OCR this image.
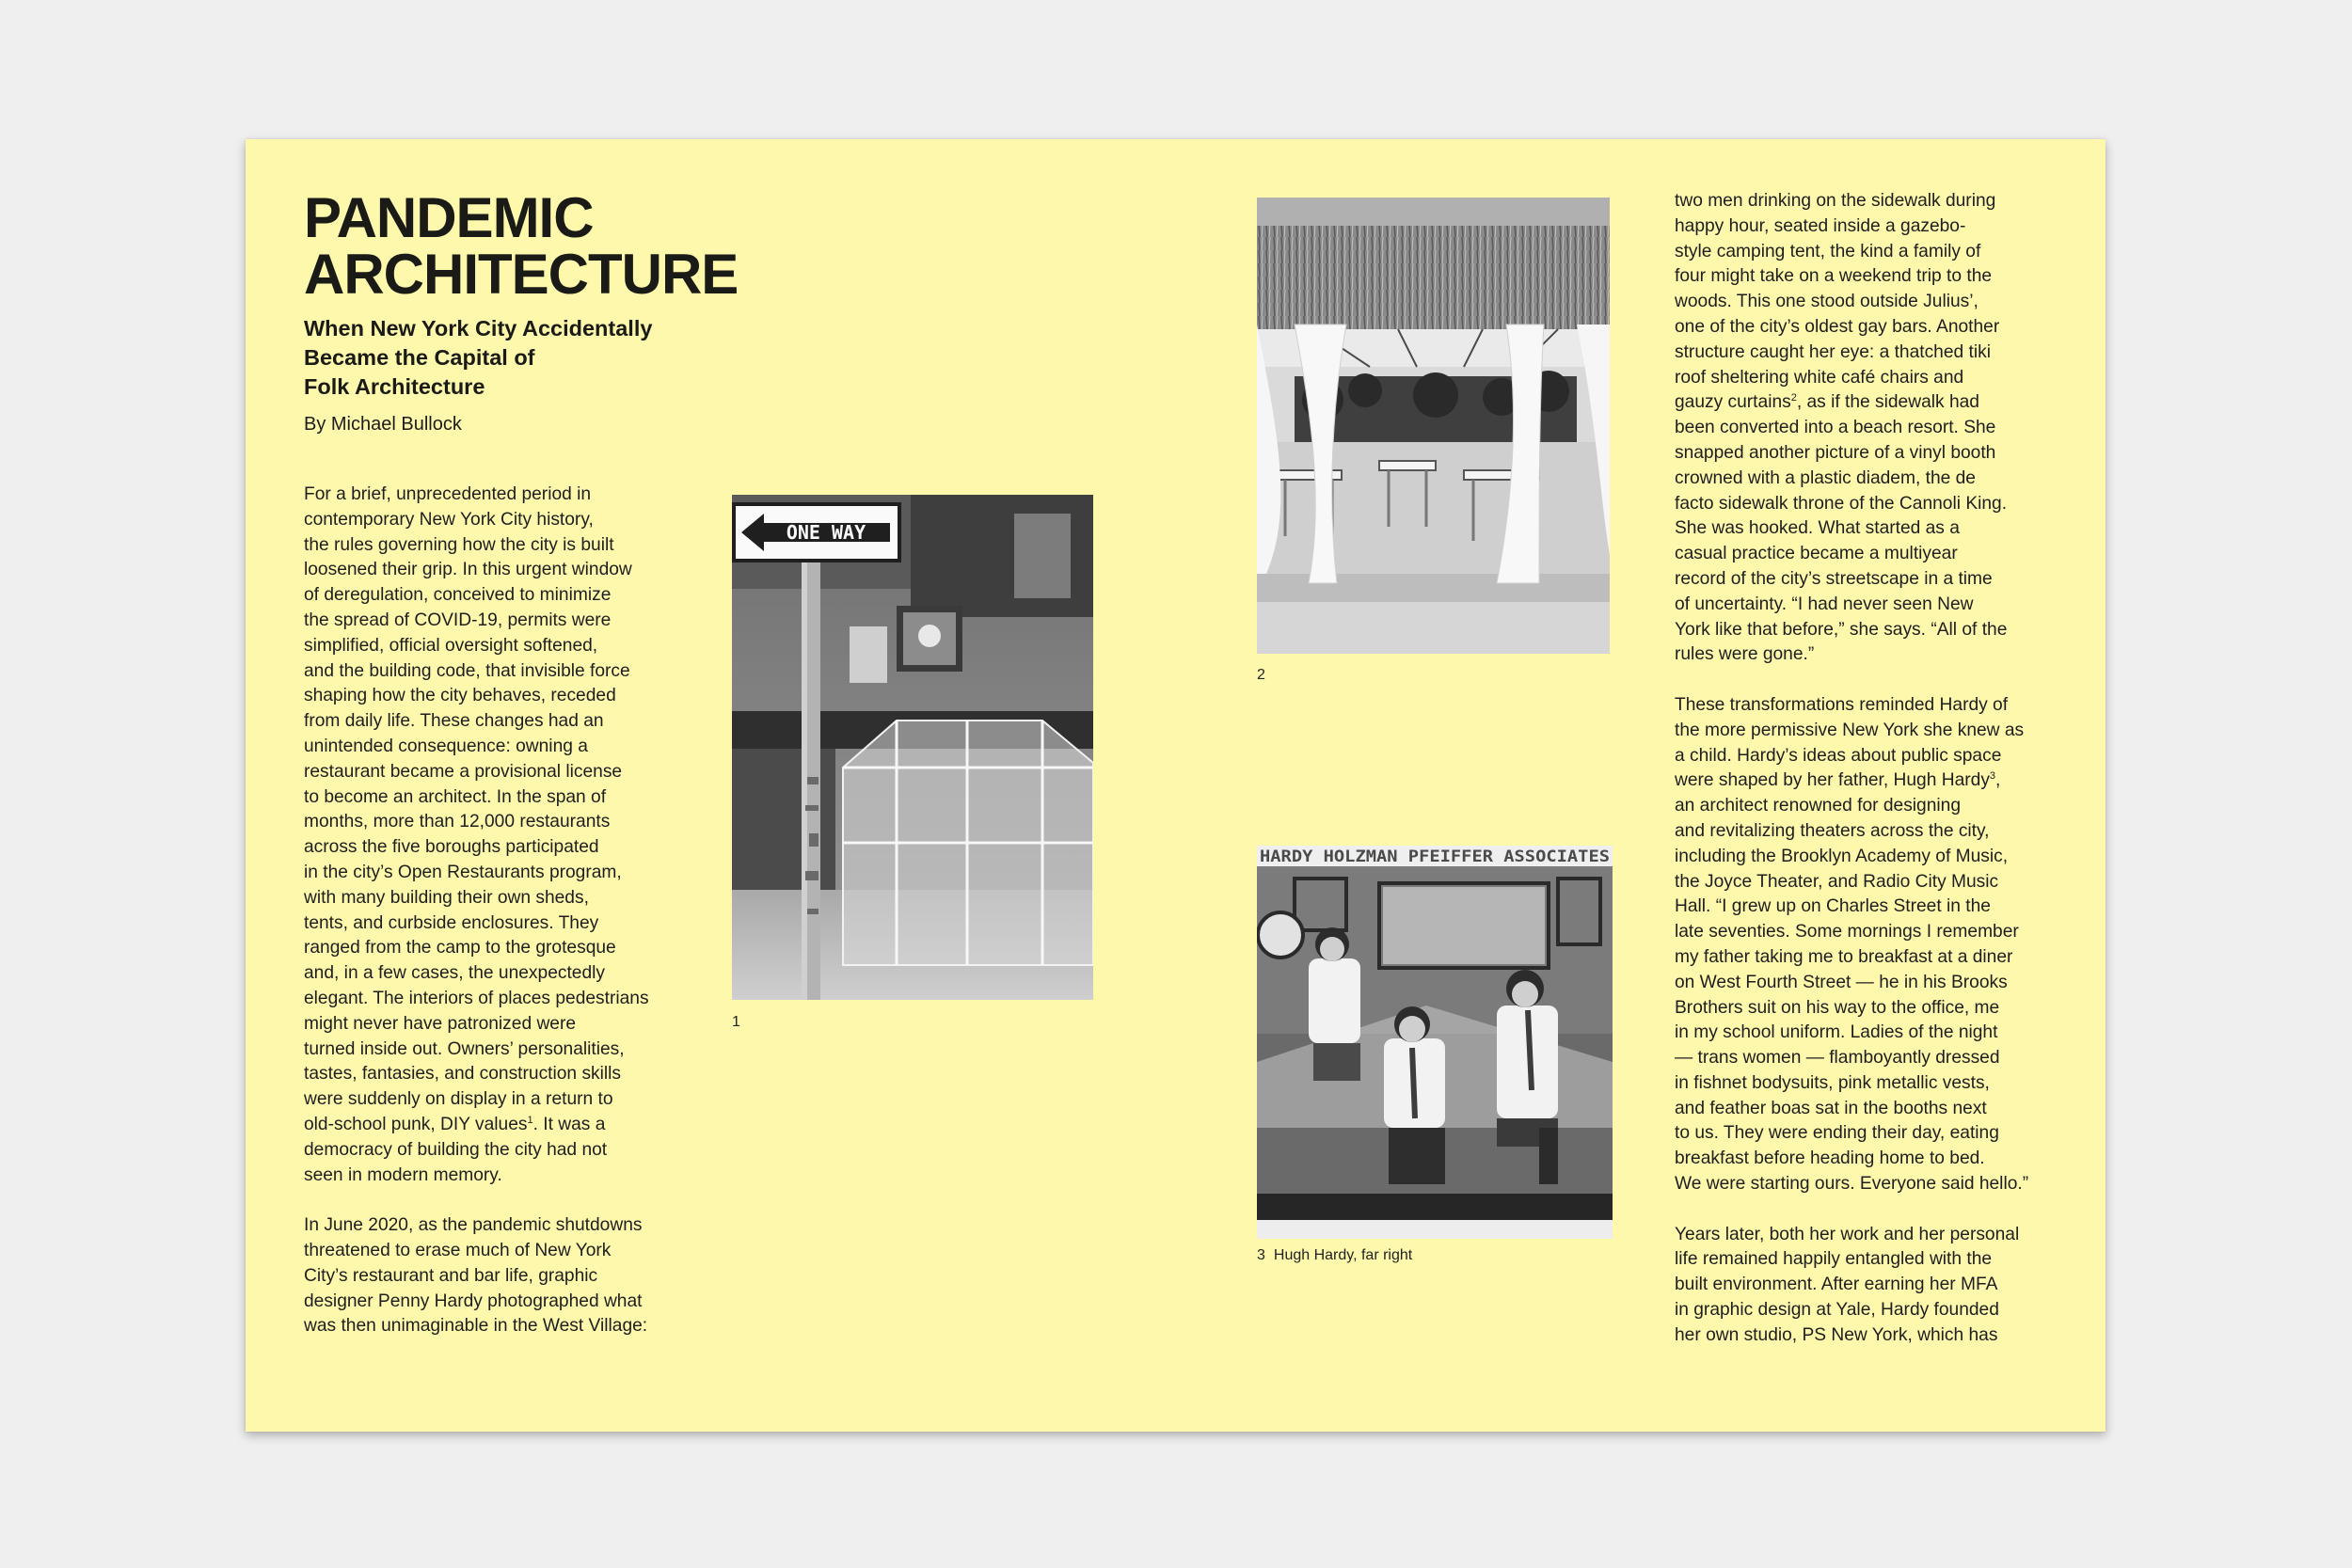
PANDEMIC
ARCHITECTURE
When New York City Accidentally
Became the Capital of
Folk Architecture
By Michael Bullock

For a brief, unprecedented period in
contemporary New York City history,
the rules governing how the city is built
loosened their grip. In this urgent window
of deregulation, conceived to minimize
the spread of COVID-19, permits were
simplified, official oversight softened,
and the building code, that invisible force
shaping how the city behaves, receded
from daily life. These changes had an
unintended consequence: owning a
restaurant became a provisional license
to become an architect. In the span of
months, more than 12,000 restaurants
across the five boroughs participated
in the city’s Open Restaurants program,
with many building their own sheds,
tents, and curbside enclosures. They
ranged from the camp to the grotesque
and, in a few cases, the unexpectedly
elegant. The interiors of places pedestrians
might never have patronized were
turned inside out. Owners’ personalities,
tastes, fantasies, and construction skills
were suddenly on display in a return to
old-school punk, DIY values$^1$. It was a
democracy of building the city had not
seen in modern memory.

In June 2020, as the pandemic shutdowns
threatened to erase much of New York
City’s restaurant and bar life, graphic
designer Penny Hardy photographed what
was then unimaginable in the West Village:

ONE WAY
1
2
HARDY HOLZMAN PFEIFFER ASSOCIATES
3 Hugh Hardy, far right

two men drinking on the sidewalk during
happy hour, seated inside a gazebo-
style camping tent, the kind a family of
four might take on a weekend trip to the
woods. This one stood outside Julius’,
one of the city’s oldest gay bars. Another
structure caught her eye: a thatched tiki
roof sheltering white café chairs and
gauzy curtains$^2$, as if the sidewalk had
been converted into a beach resort. She
snapped another picture of a vinyl booth
crowned with a plastic diadem, the de
facto sidewalk throne of the Cannoli King.
She was hooked. What started as a
casual practice became a multiyear
record of the city’s streetscape in a time
of uncertainty. “I had never seen New
York like that before,” she says. “All of the
rules were gone.”

These transformations reminded Hardy of
the more permissive New York she knew as
a child. Hardy’s ideas about public space
were shaped by her father, Hugh Hardy$^3$,
an architect renowned for designing
and revitalizing theaters across the city,
including the Brooklyn Academy of Music,
the Joyce Theater, and Radio City Music
Hall. “I grew up on Charles Street in the
late seventies. Some mornings I remember
my father taking me to breakfast at a diner
on West Fourth Street — he in his Brooks
Brothers suit on his way to the office, me
in my school uniform. Ladies of the night
— trans women — flamboyantly dressed
in fishnet bodysuits, pink metallic vests,
and feather boas sat in the booths next
to us. They were ending their day, eating
breakfast before heading home to bed.
We were starting ours. Everyone said hello.”

Years later, both her work and her personal
life remained happily entangled with the
built environment. After earning her MFA
in graphic design at Yale, Hardy founded
her own studio, PS New York, which has
